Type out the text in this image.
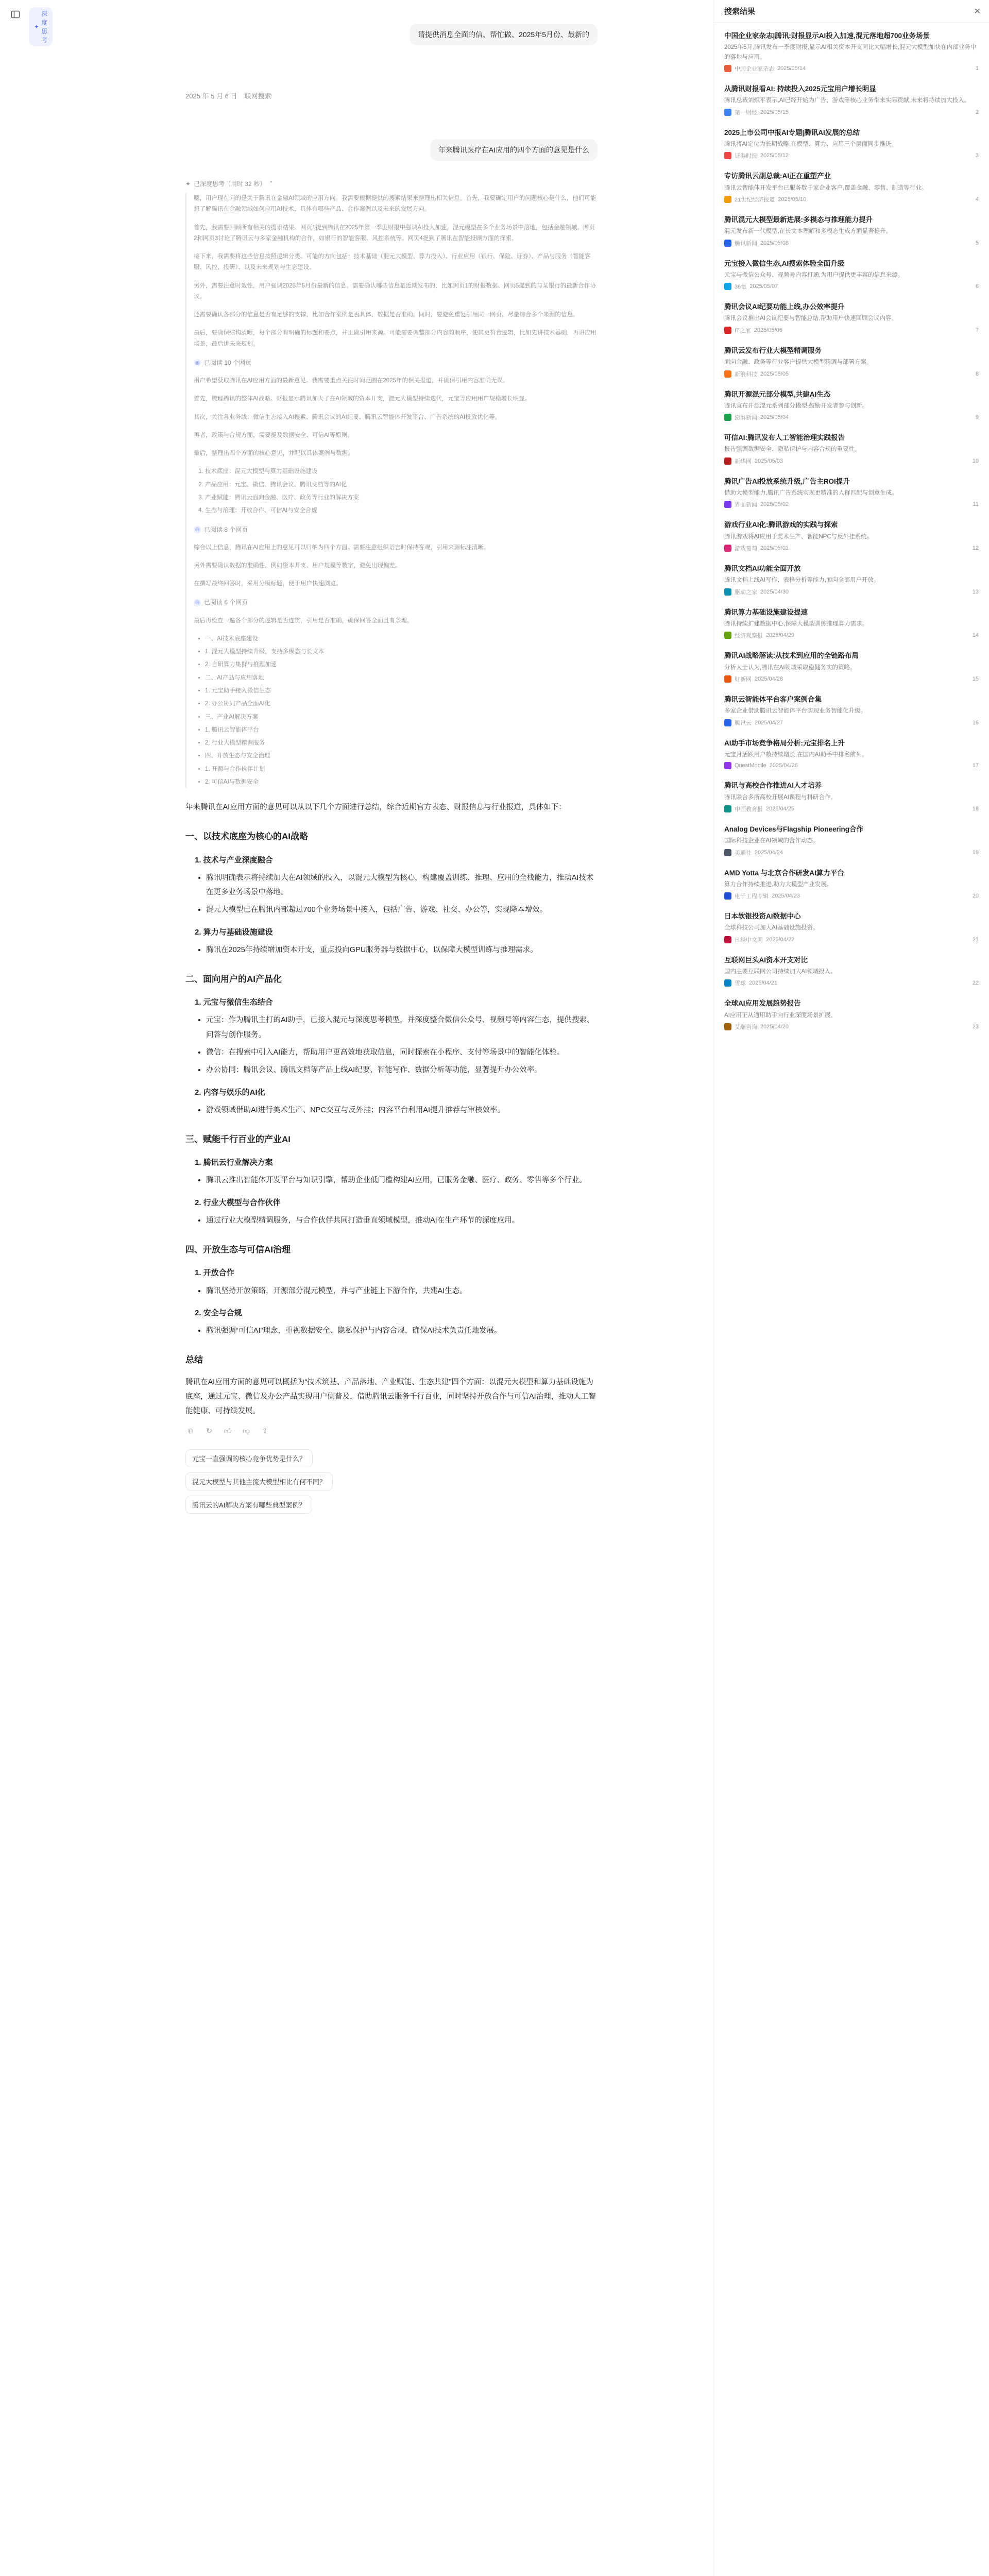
✦
深度思考
请提供消息全面的信、帮忙做、2025年5月份、最新的
2025 年 5 月 6 日 联网搜索
年来腾讯医疗在AI应用的四个方面的意见是什么
✦ 已深度思考（用时 32 秒） ⌃

嗯，用户现在问的是关于腾讯在金融AI领域的应用方向。我需要根据提供的搜索结果来整理出相关信息。首先，我要确定用户的问题核心是什么，他们可能想了解腾讯在金融领域如何应用AI技术，具体有哪些产品、合作案例以及未来的发展方向。

首先，我需要回顾所有相关的搜索结果。网页1提到腾讯在2025年第一季度财报中强调AI投入加速，混元模型在多个业务场景中落地，包括金融领域。网页2和网页3讨论了腾讯云与多家金融机构的合作，如银行的智能客服、风控系统等。网页4提到了腾讯在智能投顾方面的探索。

接下来，我需要将这些信息按照逻辑分类。可能的方向包括：技术基础（混元大模型、算力投入）、行业应用（银行、保险、证券）、产品与服务（智能客服、风控、投研）、以及未来规划与生态建设。

另外，需要注意时效性，用户强调2025年5月份最新的信息。需要确认哪些信息是近期发布的，比如网页1的财报数据、网页5提到的与某银行的最新合作协议。

还需要确认各部分的信息是否有足够的支撑，比如合作案例是否具体，数据是否准确。同时，要避免重复引用同一网页，尽量综合多个来源的信息。

最后，要确保结构清晰，每个部分有明确的标题和要点，并正确引用来源。可能需要调整部分内容的顺序，使其更符合逻辑，比如先讲技术基础，再讲应用场景，最后讲未来规划。

◎ 已阅读 10 个网页

用户希望获取腾讯在AI应用方面的最新意见。我需要重点关注时间范围在2025年的相关报道，并确保引用内容准确无误。

首先，梳理腾讯的整体AI战略。财报显示腾讯加大了在AI领域的资本开支，混元大模型持续迭代，元宝等应用用户规模增长明显。

其次，关注各业务线：微信生态接入AI搜索、腾讯会议的AI纪要、腾讯云智能体开发平台、广告系统的AI投放优化等。

再者，政策与合规方面，需要提及数据安全、可信AI等原则。

最后，整理出四个方面的核心意见，并配以具体案例与数据。

1. 技术底座：混元大模型与算力基础设施建设
2. 产品应用：元宝、微信、腾讯会议、腾讯文档等的AI化
3. 产业赋能：腾讯云面向金融、医疗、政务等行业的解决方案
4. 生态与治理：开放合作、可信AI与安全合规
◎ 已阅读 8 个网页

综合以上信息，腾讯在AI应用上的意见可以归纳为四个方面。需要注意组织语言时保持客观，引用来源标注清晰。

另外需要确认数据的准确性，例如资本开支、用户规模等数字，避免出现偏差。

在撰写最终回答时，采用分级标题，便于用户快速浏览。

◎ 已阅读 6 个网页

最后再检查一遍各个部分的逻辑是否连贯，引用是否准确，确保回答全面且有条理。

• 一、AI技术底座建设
• 1. 混元大模型持续升级，支持多模态与长文本
• 2. 自研算力集群与推理加速
• 二、AI产品与应用落地
• 1. 元宝助手接入微信生态
• 2. 办公协同产品全面AI化
• 三、产业AI解决方案
• 1. 腾讯云智能体平台
• 2. 行业大模型精调服务
• 四、开放生态与安全治理
• 1. 开源与合作伙伴计划
• 2. 可信AI与数据安全

年来腾讯在AI应用方面的意见可以从以下几个方面进行总结，综合近期官方表态、财报信息与行业报道，具体如下：

一、以技术底座为核心的AI战略
1. 技术与产业深度融合
• 腾讯明确表示将持续加大在AI领域的投入，以混元大模型为核心，构建覆盖训练、推理、应用的全栈能力，推动AI技术在更多业务场景中落地。
• 混元大模型已在腾讯内部超过700个业务场景中接入，包括广告、游戏、社交、办公等，实现降本增效。
2. 算力与基础设施建设
• 腾讯在2025年持续增加资本开支，重点投向GPU服务器与数据中心，以保障大模型训练与推理需求。
二、面向用户的AI产品化
1. 元宝与微信生态结合
• 元宝：作为腾讯主打的AI助手，已接入混元与深度思考模型，并深度整合微信公众号、视频号等内容生态，提供搜索、问答与创作服务。
• 微信：在搜索中引入AI能力，帮助用户更高效地获取信息，同时探索在小程序、支付等场景中的智能化体验。
• 办公协同：腾讯会议、腾讯文档等产品上线AI纪要、智能写作、数据分析等功能，显著提升办公效率。
2. 内容与娱乐的AI化
• 游戏领域借助AI进行美术生产、NPC交互与反外挂；内容平台利用AI提升推荐与审核效率。
三、赋能千行百业的产业AI
1. 腾讯云行业解决方案
• 腾讯云推出智能体开发平台与知识引擎，帮助企业低门槛构建AI应用，已服务金融、医疗、政务、零售等多个行业。
2. 行业大模型与合作伙伴
• 通过行业大模型精调服务，与合作伙伴共同打造垂直领域模型，推动AI在生产环节的深度应用。
四、开放生态与可信AI治理
1. 开放合作
• 腾讯坚持开放策略，开源部分混元模型，并与产业链上下游合作，共建AI生态。
2. 安全与合规
• 腾讯强调“可信AI”理念，重视数据安全、隐私保护与内容合规，确保AI技术负责任地发展。
总结

腾讯在AI应用方面的意见可以概括为“技术筑基、产品落地、产业赋能、生态共建”四个方面：以混元大模型和算力基础设施为底座，通过元宝、微信及办公产品实现用户侧普及，借助腾讯云服务千行百业，同时坚持开放合作与可信AI治理，推动人工智能健康、可持续发展。

⧉	↻ 👍︎ 👎︎ ⇪
元宝一直强调的核心竞争优势是什么？
混元大模型与其他主流大模型相比有何不同？
腾讯云的AI解决方案有哪些典型案例？
搜索结果	✕
中国企业家杂志|腾讯:财报显示AI投入加速,混元落地超700业务场景
2025年5月,腾讯发布一季度财报,显示AI相关资本开支同比大幅增长,混元大模型加快在内部业务中的落地与应用。
中国企业家杂志 2025/05/14	1
从腾讯财报看AI: 持续投入2025元宝用户增长明显
腾讯总裁刘炽平表示,AI已经开始为广告、游戏等核心业务带来实际贡献,未来将持续加大投入。
第一财经 2025/05/15	2
2025上市公司中报AI专题|腾讯AI发展的总结
腾讯将AI定位为长期战略,在模型、算力、应用三个层面同步推进。
证券时报 2025/05/12	3
专访腾讯云副总裁:AI正在重塑产业
腾讯云智能体开发平台已服务数千家企业客户,覆盖金融、零售、制造等行业。
21世纪经济报道 2025/05/10	4
腾讯混元大模型最新进展:多模态与推理能力提升
混元发布新一代模型,在长文本理解和多模态生成方面显著提升。
腾讯新闻 2025/05/08	5
元宝接入微信生态,AI搜索体验全面升级
元宝与微信公众号、视频号内容打通,为用户提供更丰富的信息来源。
36氪 2025/05/07	6
腾讯会议AI纪要功能上线,办公效率提升
腾讯会议推出AI会议纪要与智能总结,帮助用户快速回顾会议内容。
IT之家 2025/05/06	7
腾讯云发布行业大模型精调服务
面向金融、政务等行业客户提供大模型精调与部署方案。
新浪科技 2025/05/05	8
腾讯开源混元部分模型,共建AI生态
腾讯宣布开源混元系列部分模型,鼓励开发者参与创新。
澎湃新闻 2025/05/04	9
可信AI:腾讯发布人工智能治理实践报告
报告强调数据安全、隐私保护与内容合规的重要性。
新华网 2025/05/03	10
腾讯广告AI投放系统升级,广告主ROI提升
借助大模型能力,腾讯广告系统实现更精准的人群匹配与创意生成。
界面新闻 2025/05/02	11
游戏行业AI化:腾讯游戏的实践与探索
腾讯游戏将AI应用于美术生产、智能NPC与反外挂系统。
游戏葡萄 2025/05/01	12
腾讯文档AI功能全面开放
腾讯文档上线AI写作、表格分析等能力,面向全部用户开放。
驱动之家 2025/04/30	13
腾讯算力基础设施建设提速
腾讯持续扩建数据中心,保障大模型训练推理算力需求。
经济观察报 2025/04/29	14
腾讯AI战略解读:从技术到应用的全链路布局
分析人士认为,腾讯在AI领域采取稳健务实的策略。
财新网 2025/04/28	15
腾讯云智能体平台客户案例合集
多家企业借助腾讯云智能体平台实现业务智能化升级。
腾讯云 2025/04/27	16
AI助手市场竞争格局分析:元宝排名上升
元宝月活跃用户数持续增长,在国内AI助手中排名前列。
QuestMobile 2025/04/26	17
腾讯与高校合作推进AI人才培养
腾讯联合多所高校开展AI课程与科研合作。
中国教育报 2025/04/25	18
Analog Devices与Flagship Pioneering合作
国际科技企业在AI领域的合作动态。
美通社 2025/04/24	19
AMD Yotta 与北京合作研发AI算力平台
算力合作持续推进,助力大模型产业发展。
电子工程专辑 2025/04/23	20
日本软银投资AI数据中心
全球科技公司加大AI基础设施投资。
日经中文网 2025/04/22	21
互联网巨头AI资本开支对比
国内主要互联网公司持续加大AI领域投入。
雪球 2025/04/21	22
全球AI应用发展趋势报告
AI应用正从通用助手向行业深度场景扩展。
艾瑞咨询 2025/04/20	23
